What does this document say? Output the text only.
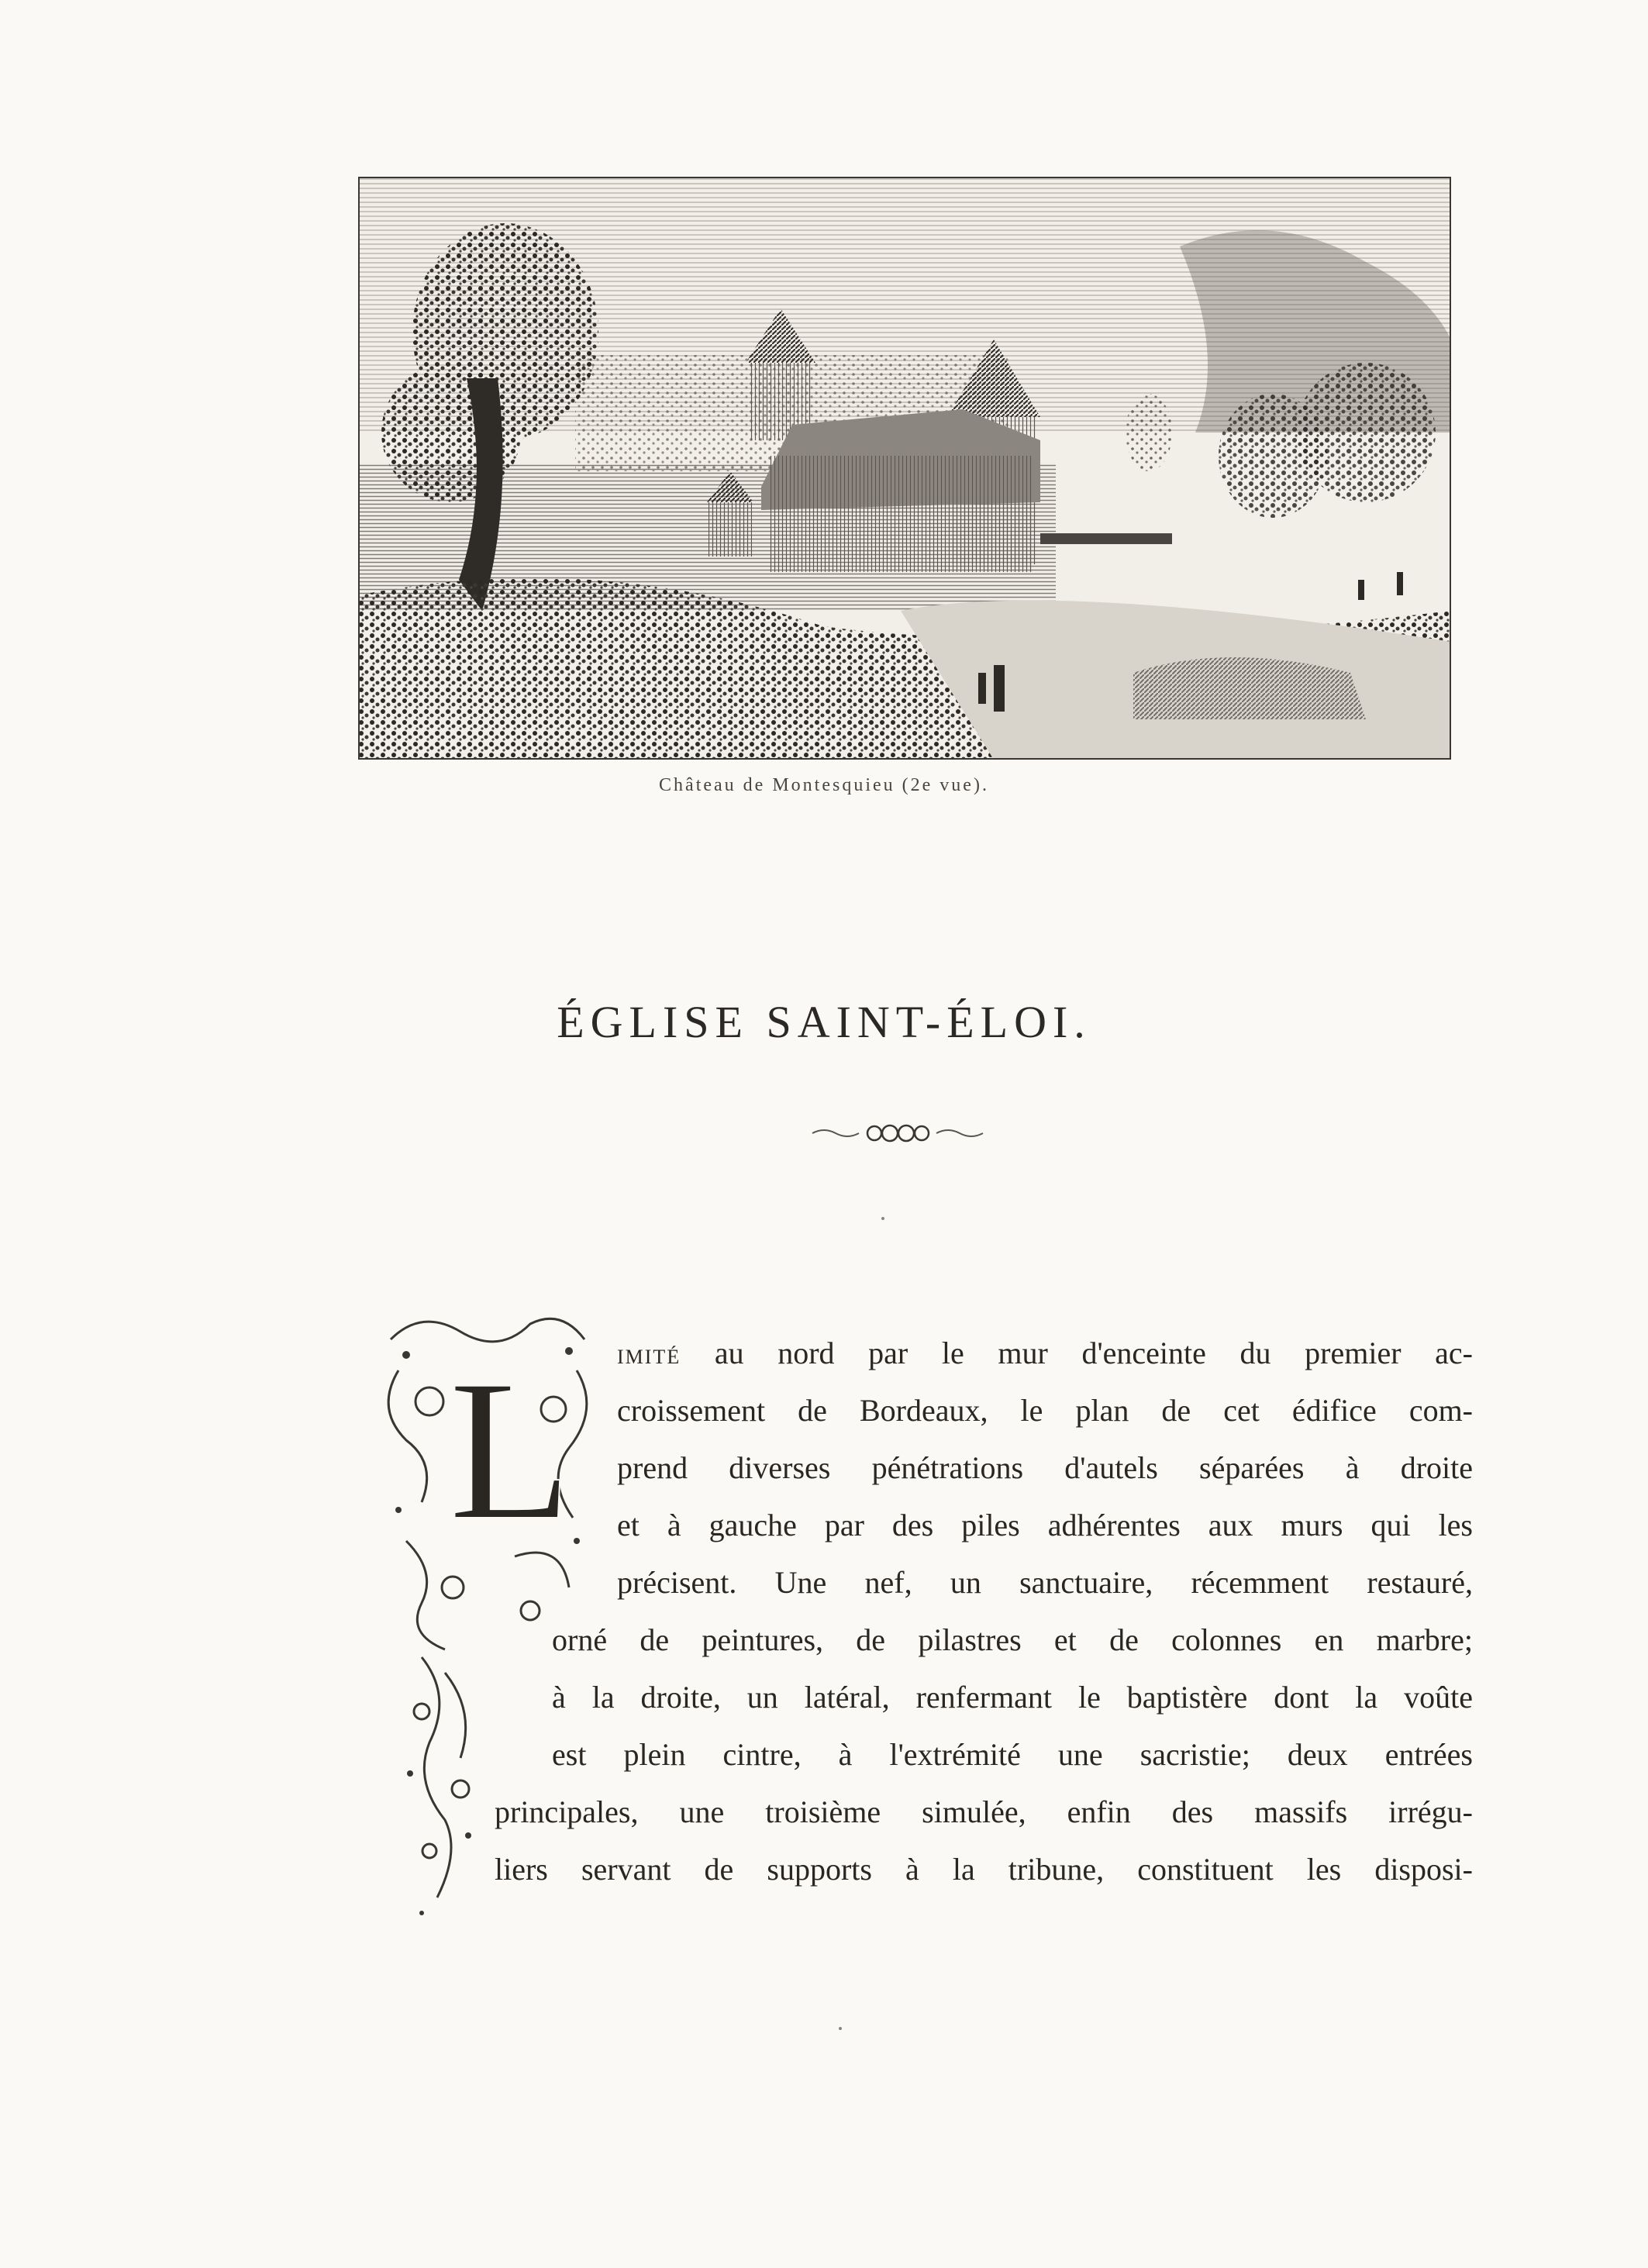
Château de Montesquieu (2e vue).
ÉGLISE SAINT-ÉLOI.
L IMITÉ au nord par le mur d'enceinte du premier ac-
croissement de Bordeaux, le plan de cet édifice com-
prend diverses pénétrations d'autels séparées à droite
et à gauche par des piles adhérentes aux murs qui les
précisent. Une nef, un sanctuaire, récemment restauré,
orné de peintures, de pilastres et de colonnes en marbre;
à la droite, un latéral, renfermant le baptistère dont la voûte
est plein cintre, à l'extrémité une sacristie; deux entrées
principales, une troisième simulée, enfin des massifs irrégu-
liers servant de supports à la tribune, constituent les disposi-
